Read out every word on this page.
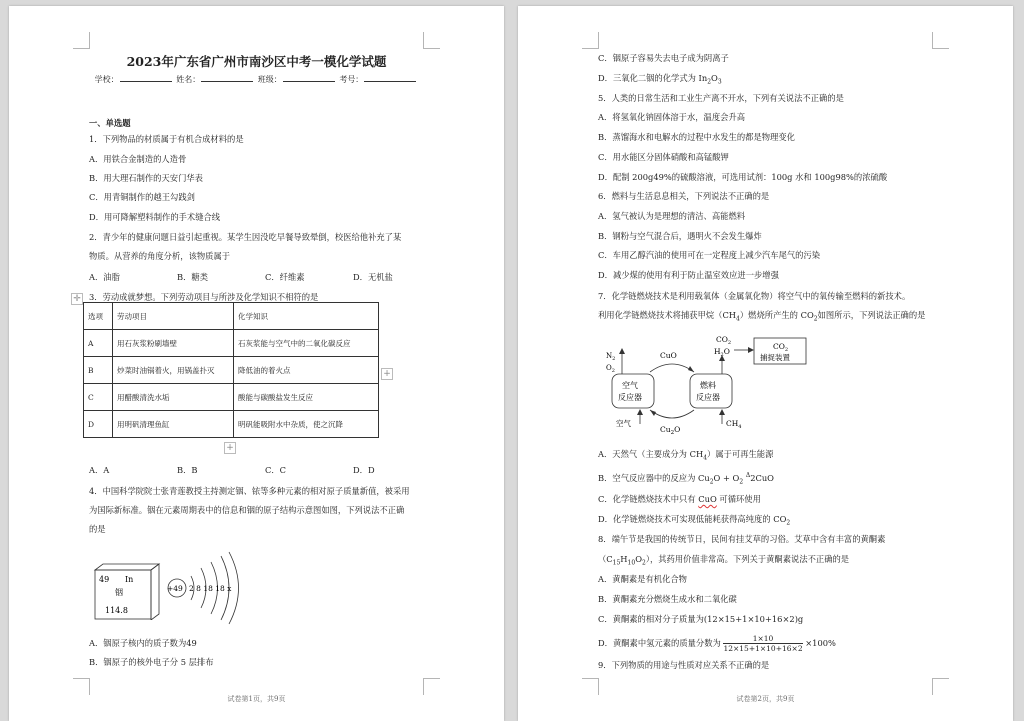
2023年广东省广州市南沙区中考一模化学试题
学校：	姓名：	班级：	考号：
一、单选题
1．下列物品的材质属于有机合成材料的是
A．用铁合金制造的人造骨
B．用大理石制作的天安门华表
C．用青铜制作的越王勾践剑
D．用可降解塑料制作的手术缝合线
2．青少年的健康问题日益引起重视。某学生因没吃早餐导致晕倒，校医给他补充了某
物质。从营养的角度分析，该物质属于
A．油脂	B．糖类	C．纤维素	D．无机盐
✛ 3．劳动成就梦想。下列劳动项目与所涉及化学知识不相符的是
选项	劳动项目	化学知识
A	用石灰浆粉刷墙壁	石灰浆能与空气中的二氧化碳反应
B	炒菜时油锅着火，用锅盖扑灭	降低油的着火点
C	用醋酸清洗水垢	酸能与碳酸盐发生反应
D	用明矾清理鱼缸	明矾能吸附水中杂质，使之沉降
+
+
A．A	B．B	C．C	D．D
4．中国科学院院士张青莲教授主持测定铟、铱等多种元素的相对原子质量新值，被采用
为国际新标准。铟在元素周期表中的信息和铟的原子结构示意图如图，下列说法不正确
的是
49 In
铟
114.8
+49 2 8 18 18 x
A．铟原子核内的质子数为49
B．铟原子的核外电子分 5 层排布
试卷第1页，共9页
C．铟原子容易失去电子成为阴离子
D．三氧化二铟的化学式为 $In_2O_3$
5．人类的日常生活和工业生产离不开水，下列有关说法不正确的是
A．将氢氧化钠固体溶于水，温度会升高
B．蒸馏海水和电解水的过程中水发生的都是物理变化
C．用水能区分固体硝酸和高锰酸钾
D．配制 200g49%的硫酸溶液，可选用试剂：100g 水和 100g98%的浓硫酸
6．燃料与生活息息相关，下列说法不正确的是
A．氢气被认为是理想的清洁、高能燃料
B．钢粉与空气混合后，遇明火不会发生爆炸
C．车用乙醇汽油的使用可在一定程度上减少汽车尾气的污染
D．减少煤的使用有利于防止温室效应进一步增强
7．化学链燃烧技术是利用载氧体（金属氧化物）将空气中的氧传输至燃料的新技术。
利用化学链燃烧技术将捕获甲烷$(CH_4)$燃烧所产生的 $CO_2$如图所示，下列说法正确的是
空气
反应器
燃料
反应器
CuO
$Cu_2O$
$N_2$
$O_2$
空气	$CH_4$
$CO_2$
$H_2O$
$CO_2$
捕捉装置
A．天然气（主要成分为 $CH_4$）属于可再生能源
B．空气反应器中的反应为 $Cu_2O + O_2$ $^\Delta$2CuO
C．化学链燃烧技术中只有 CuO 可循环使用
D．化学链燃烧技术可实现低能耗获得高纯度的 $CO_2$
8．端午节是我国的传统节日，民间有挂艾草的习俗。艾草中含有丰富的黄酮素
$(C_{15}H_{10}O_2)$，其药用价值非常高。下列关于黄酮素说法不正确的是
A．黄酮素是有机化合物
B．黄酮素充分燃烧生成水和二氧化碳
C．黄酮素的相对分子质量为(12×15+1×10+16×2)g
D．黄酮素中氢元素的质量分数为 $\frac{1\times 10}{12\times 15+1\times 10+16\times 2} \times 100\%$
9．下列物质的用途与性质对应关系不正确的是
试卷第2页，共9页
